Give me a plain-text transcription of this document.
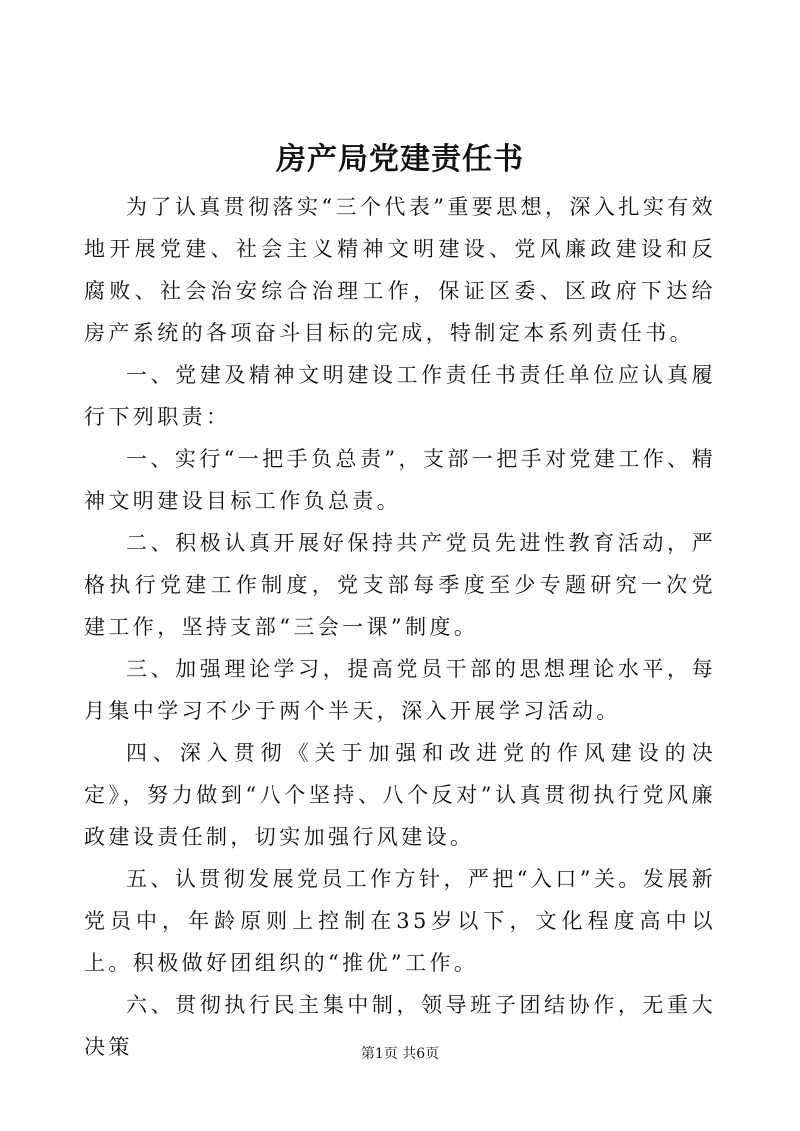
房产局党建责任书

为了认真贯彻落实“三个代表”重要思想，深入扎实有效地开展党建、社会主义精神文明建设、党风廉政建设和反腐败、社会治安综合治理工作，保证区委、区政府下达给房产系统的各项奋斗目标的完成，特制定本系列责任书。

一、党建及精神文明建设工作责任书责任单位应认真履行下列职责：

一、实行“一把手负总责”，支部一把手对党建工作、精神文明建设目标工作负总责。

二、积极认真开展好保持共产党员先进性教育活动，严格执行党建工作制度，党支部每季度至少专题研究一次党建工作，坚持支部“三会一课”制度。

三、加强理论学习，提高党员干部的思想理论水平，每月集中学习不少于两个半天，深入开展学习活动。

四、深入贯彻《关于加强和改进党的作风建设的决定》，努力做到“八个坚持、八个反对”认真贯彻执行党风廉政建设责任制，切实加强行风建设。

五、认贯彻发展党员工作方针，严把“入口”关。发展新党员中，年龄原则上控制在35岁以下，文化程度高中以上。积极做好团组织的“推优”工作。

六、贯彻执行民主集中制，领导班子团结协作，无重大决策	第1页 共6页
